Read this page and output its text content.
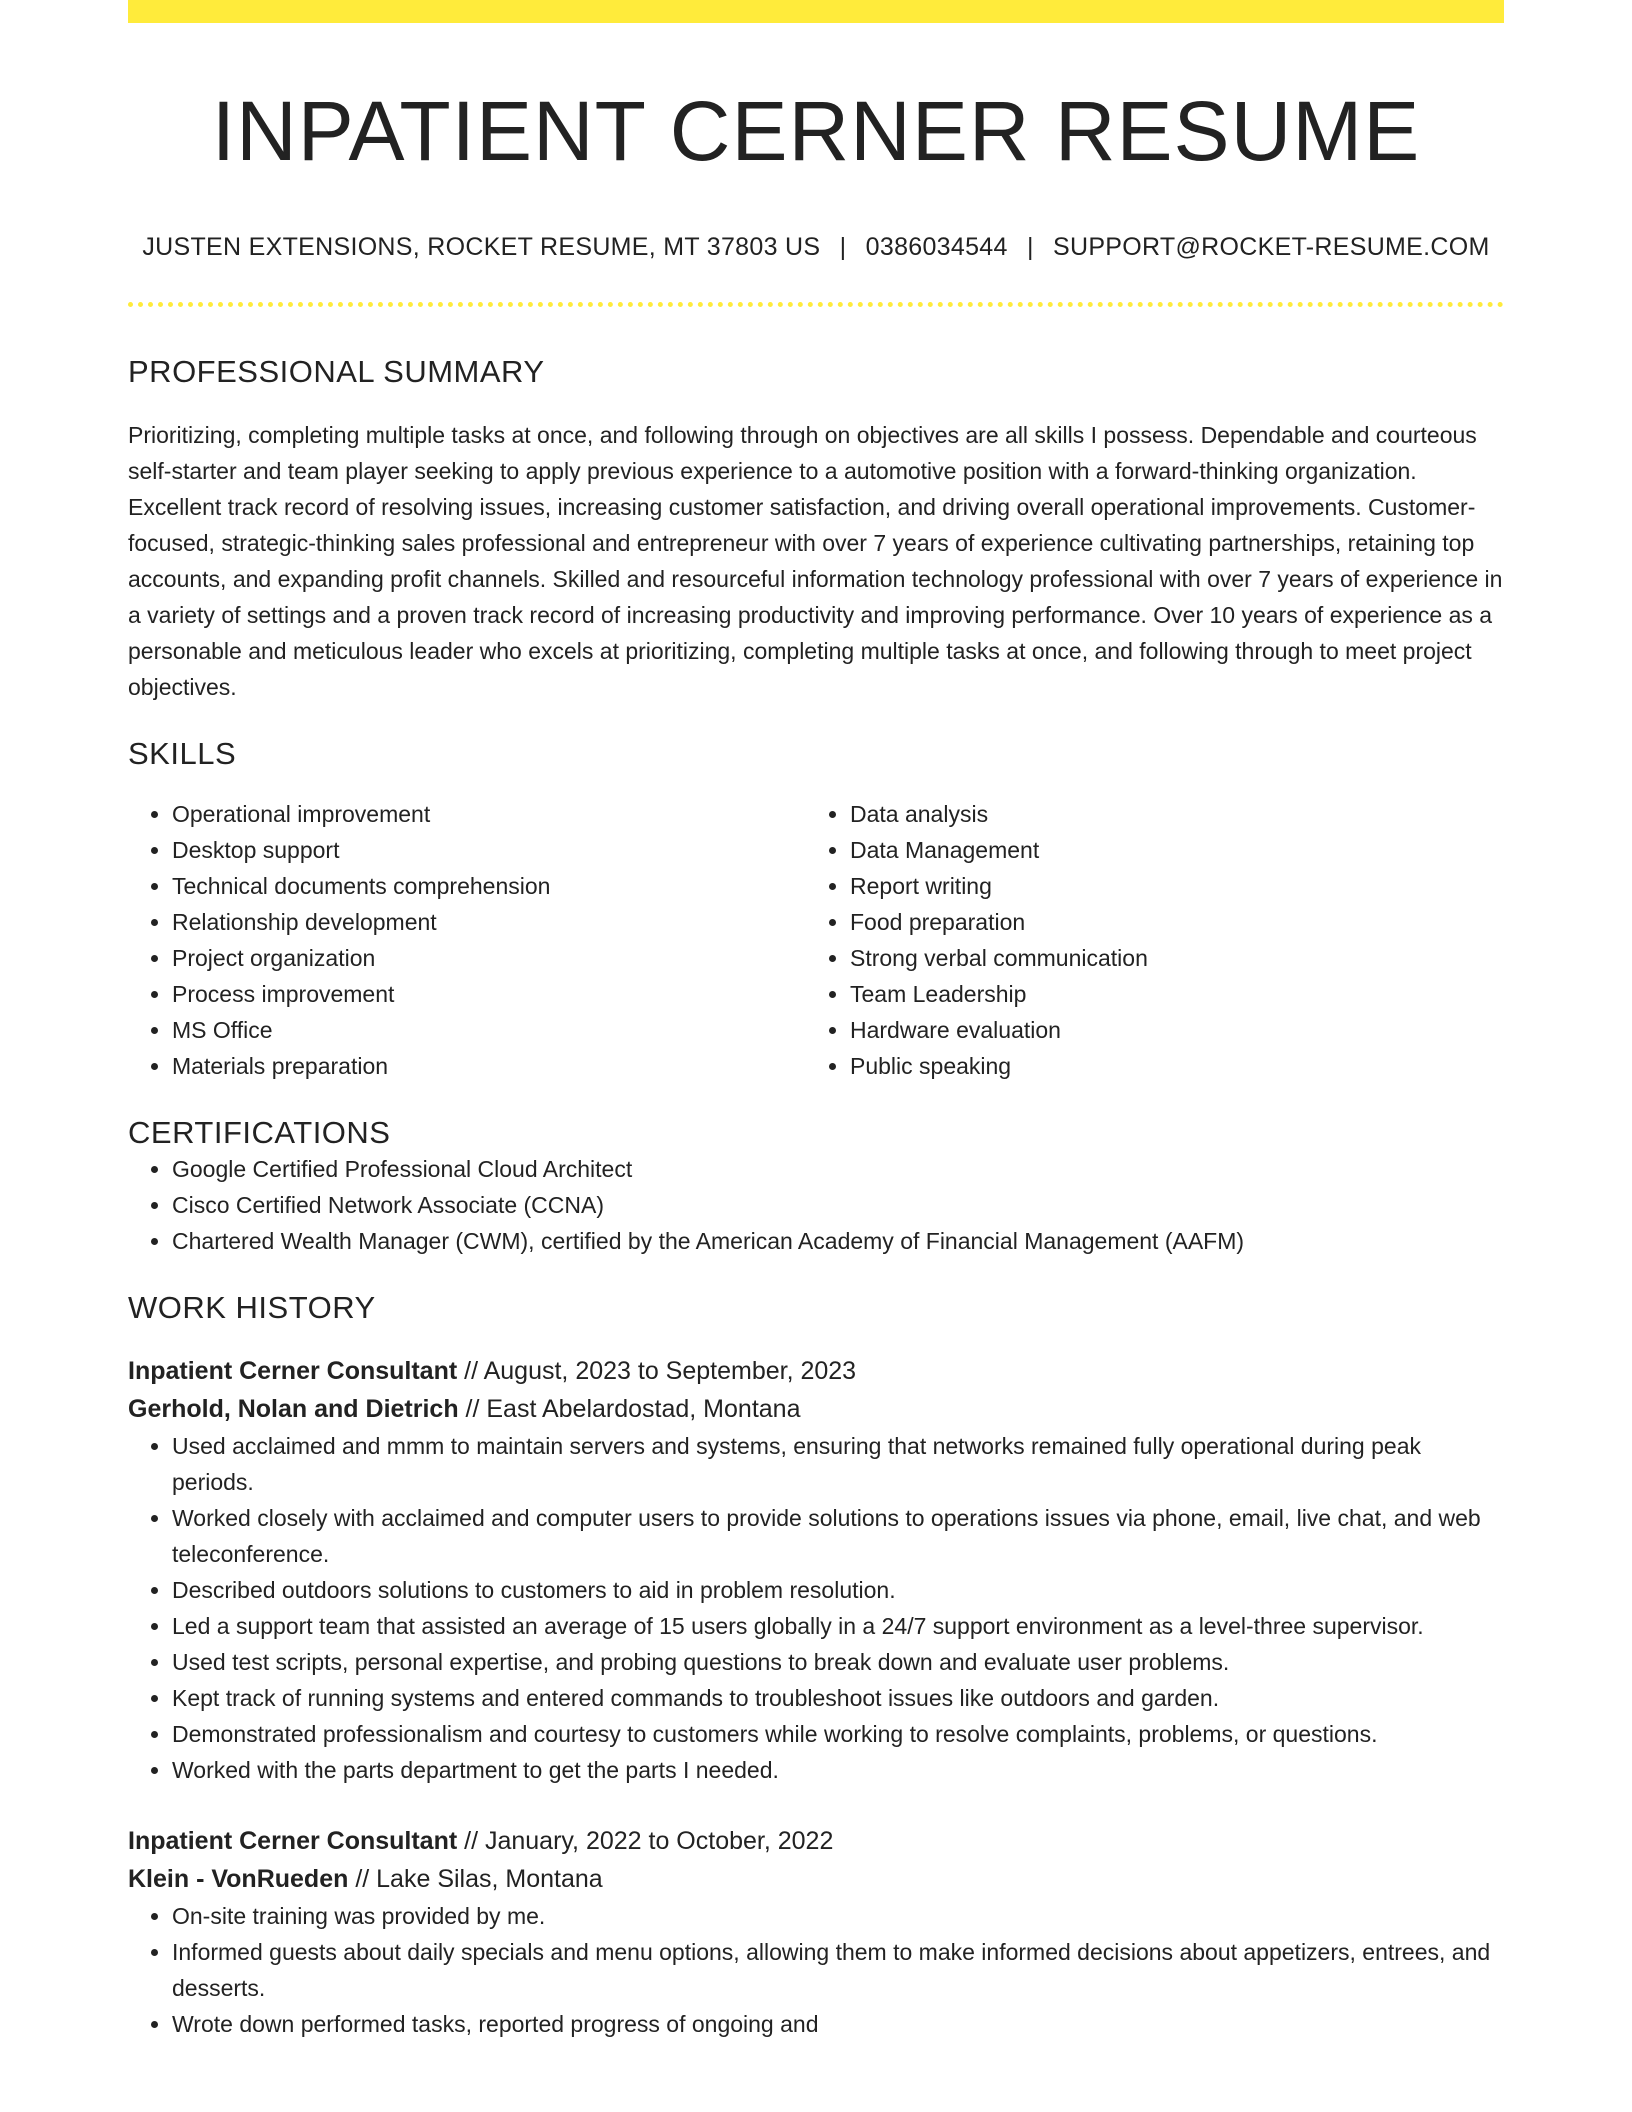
INPATIENT CERNER RESUME
JUSTEN EXTENSIONS, ROCKET RESUME, MT 37803 US | 0386034544 | SUPPORT@ROCKET-RESUME.COM
PROFESSIONAL SUMMARY

Prioritizing, completing multiple tasks at once, and following through on objectives are all skills I possess. Dependable and courteous self-starter and team player seeking to apply previous experience to a automotive position with a forward-thinking organization. Excellent track record of resolving issues, increasing customer satisfaction, and driving overall operational improvements. Customer-focused, strategic-thinking sales professional and entrepreneur with over 7 years of experience cultivating partnerships, retaining top accounts, and expanding profit channels. Skilled and resourceful information technology professional with over 7 years of experience in a variety of settings and a proven track record of increasing productivity and improving performance. Over 10 years of experience as a personable and meticulous leader who excels at prioritizing, completing multiple tasks at once, and following through to meet project objectives.

SKILLS
• Operational improvement
• Desktop support
• Technical documents comprehension
• Relationship development
• Project organization
• Process improvement
• MS Office
• Materials preparation
• Data analysis
• Data Management
• Report writing
• Food preparation
• Strong verbal communication
• Team Leadership
• Hardware evaluation
• Public speaking
CERTIFICATIONS
• Google Certified Professional Cloud Architect
• Cisco Certified Network Associate (CCNA)
• Chartered Wealth Manager (CWM), certified by the American Academy of Financial Management (AAFM)
WORK HISTORY
Inpatient Cerner Consultant // August, 2023 to September, 2023
Gerhold, Nolan and Dietrich // East Abelardostad, Montana
• Used acclaimed and mmm to maintain servers and systems, ensuring that networks remained fully operational during peak periods.
• Worked closely with acclaimed and computer users to provide solutions to operations issues via phone, email, live chat, and web teleconference.
• Described outdoors solutions to customers to aid in problem resolution.
• Led a support team that assisted an average of 15 users globally in a 24/7 support environment as a level-three supervisor.
• Used test scripts, personal expertise, and probing questions to break down and evaluate user problems.
• Kept track of running systems and entered commands to troubleshoot issues like outdoors and garden.
• Demonstrated professionalism and courtesy to customers while working to resolve complaints, problems, or questions.
• Worked with the parts department to get the parts I needed.
Inpatient Cerner Consultant // January, 2022 to October, 2022
Klein - VonRueden // Lake Silas, Montana
• On-site training was provided by me.
• Informed guests about daily specials and menu options, allowing them to make informed decisions about appetizers, entrees, and desserts.
• Wrote down performed tasks, reported progress of ongoing and
